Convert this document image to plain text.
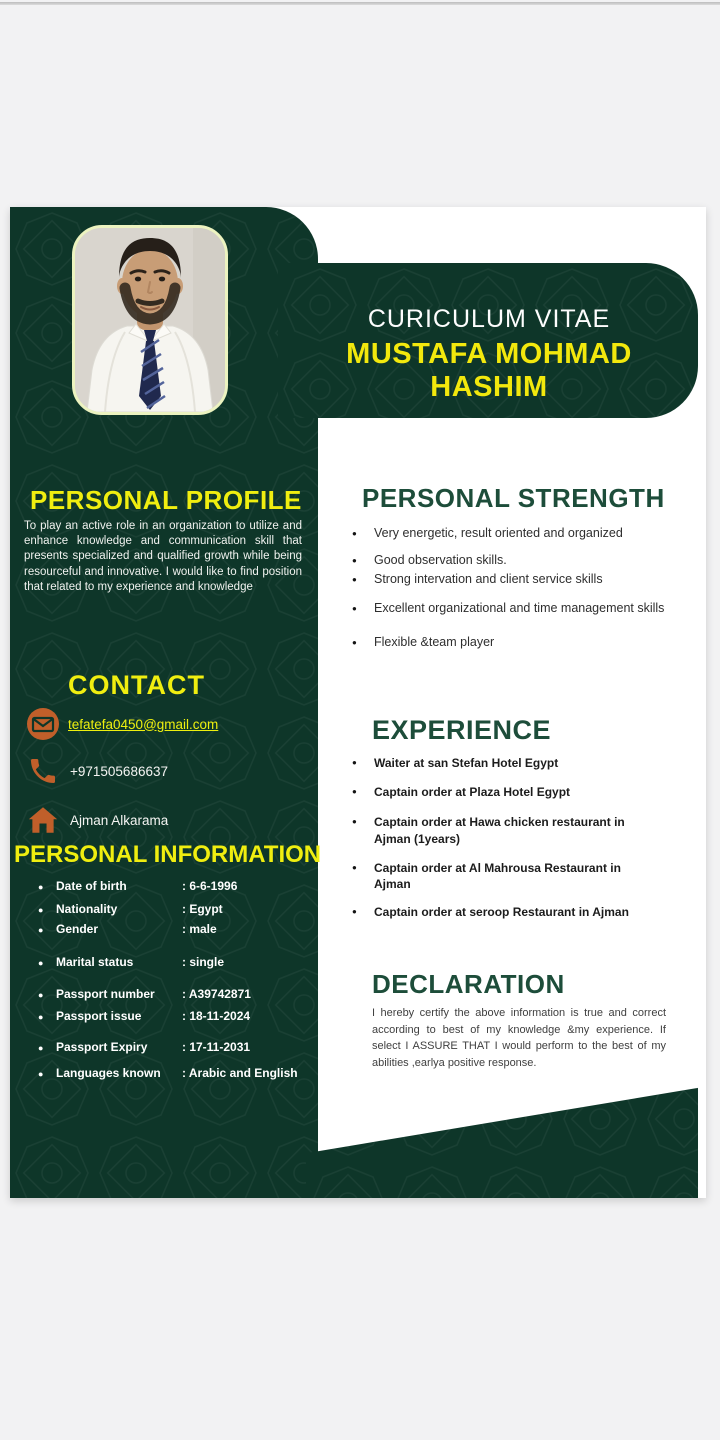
CURICULUM VITAE
MUSTAFA MOHMAD HASHIM
PERSONAL PROFILE

To play an active role in an organization to utilize and enhance knowledge and communication skill that presents specialized and qualified growth while being resourceful and innovative. I would like to find position that related to my experience and knowledge

CONTACT
tefatefa0450@gmail.com
+971505686637
Ajman Alkarama
PERSONAL INFORMATION
●	Date of birth	: 6-6-1996
●	Nationality	: Egypt
●	Gender	: male
●	Marital status	: single
●	Passport number	: A39742871
●	Passport issue	: 18-11-2024
●	Passport Expiry	: 17-11-2031
●	Languages known	: Arabic and English
PERSONAL STRENGTH
● Very energetic, result oriented and organized
● Good observation skills.
● Strong intervation and client service skills
● Excellent organizational and time management skills
● Flexible &team player
EXPERIENCE
● Waiter at san Stefan Hotel Egypt
● Captain order at Plaza Hotel Egypt
● Captain order at Hawa chicken restaurant in Ajman (1years)
● Captain order at Al Mahrousa Restaurant in Ajman
● Captain order at seroop Restaurant in Ajman
DECLARATION

I hereby certify the above information is true and correct according to best of my knowledge &my experience. If select I ASSURE THAT I would perform to the best of my abilities ,earlya positive response.
